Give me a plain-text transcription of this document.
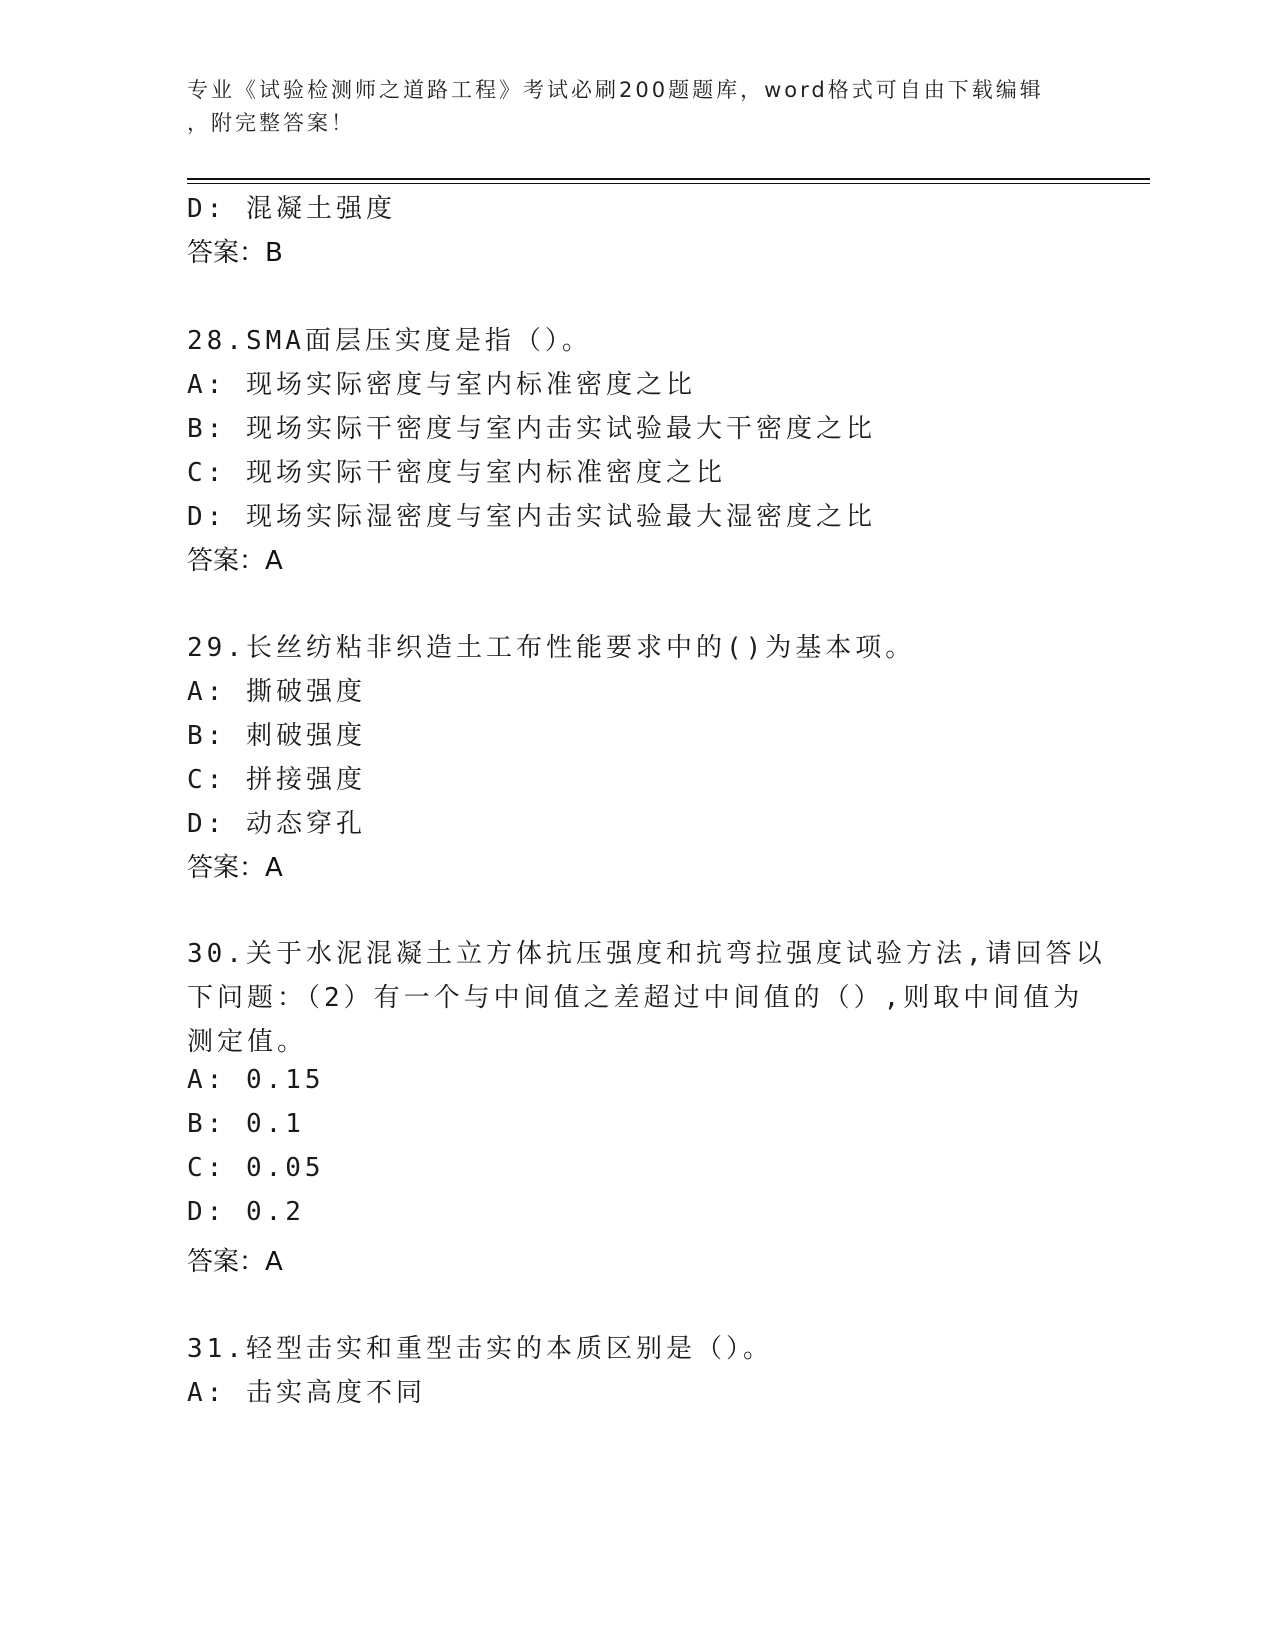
专业《试验检测师之道路工程》考试必刷200题题库，word格式可自由下载编辑
，附完整答案！
D: 混凝土强度
答案：B
28.SMA面层压实度是指（）。
A: 现场实际密度与室内标准密度之比
B: 现场实际干密度与室内击实试验最大干密度之比
C: 现场实际干密度与室内标准密度之比
D: 现场实际湿密度与室内击实试验最大湿密度之比
答案：A
29.长丝纺粘非织造土工布性能要求中的()为基本项。
A: 撕破强度
B: 刺破强度
C: 拼接强度
D: 动态穿孔
答案：A
30.关于水泥混凝土立方体抗压强度和抗弯拉强度试验方法,请回答以
下问题：（2）有一个与中间值之差超过中间值的（）,则取中间值为
测定值。
A: 0.15
B: 0.1
C: 0.05
D: 0.2
答案：A
31.轻型击实和重型击实的本质区别是（）。
A: 击实高度不同
